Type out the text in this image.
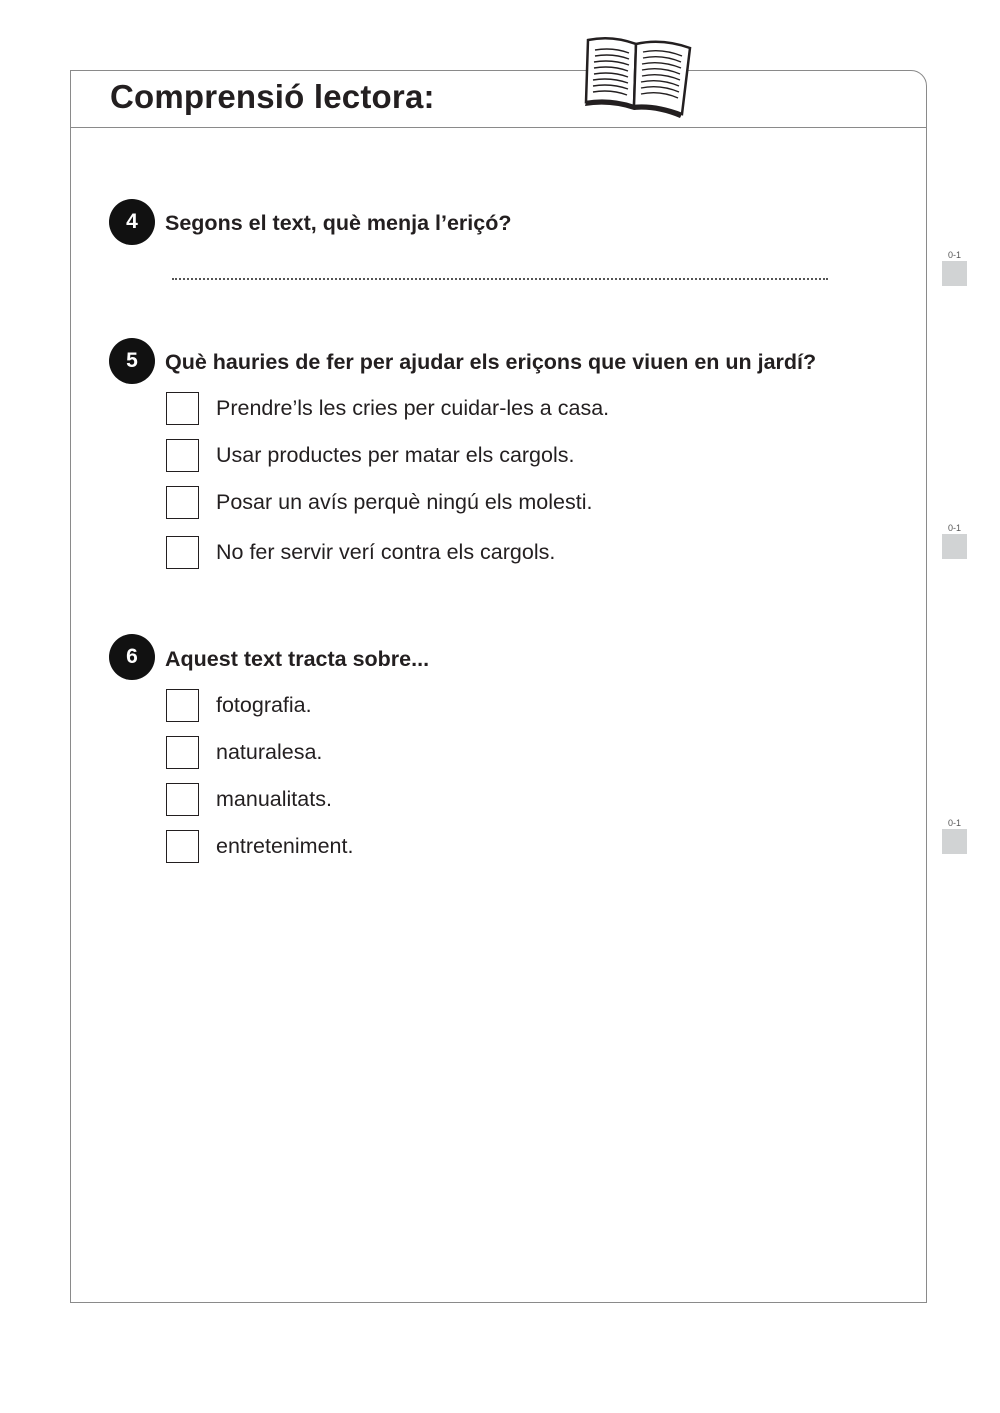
Comprensió lectora:
4	Segons el text, què menja l’eriçó?

0-1
5	Què hauries de fer per ajudar els eriçons que viuen en un jardí?

Prendre’ls les cries per cuidar-les a casa.
Usar productes per matar els cargols.
Posar un avís perquè ningú els molesti.
No fer servir verí contra els cargols.
0-1
6	Aquest text tracta sobre...

fotografia.
naturalesa.
manualitats.
entreteniment.
0-1
